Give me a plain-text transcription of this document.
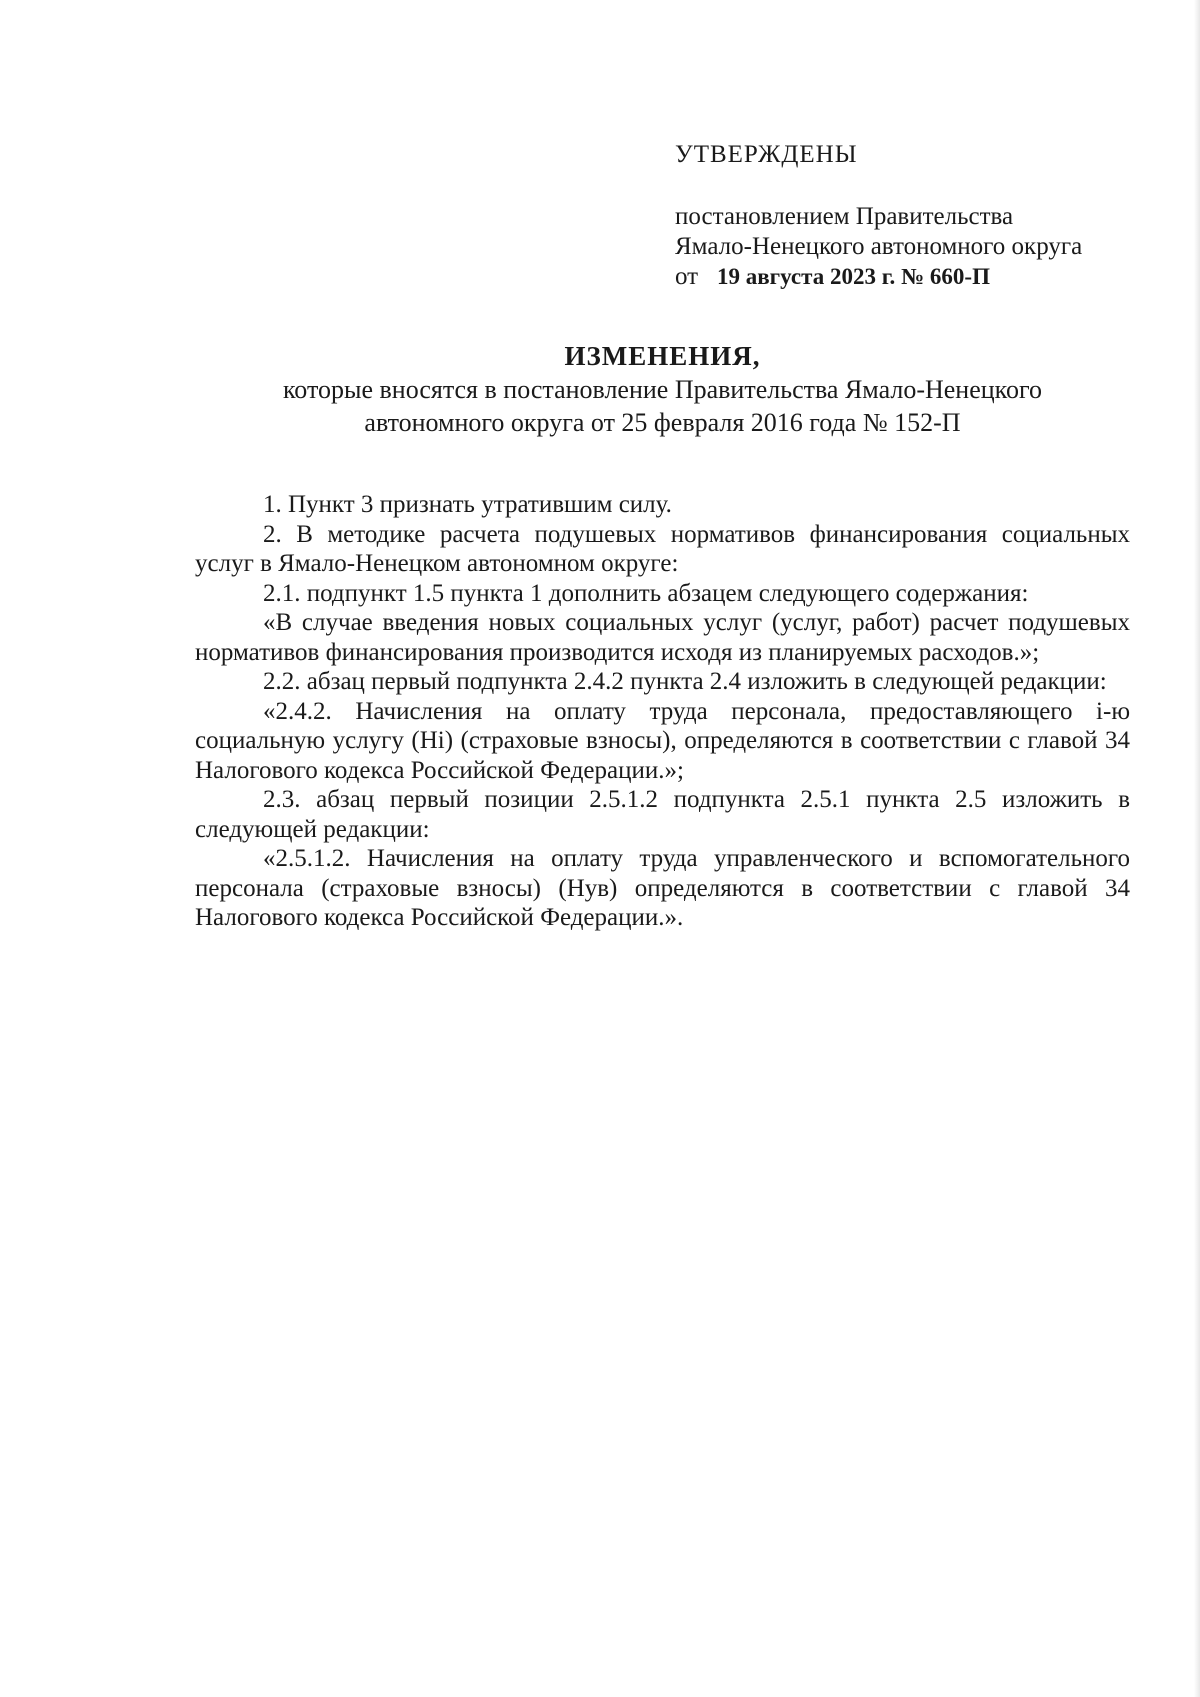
УТВЕРЖДЕНЫ
постановлением Правительства
Ямало-Ненецкого автономного округа
от 19 августа 2023 г. № 660-П
ИЗМЕНЕНИЯ,
которые вносятся в постановление Правительства Ямало-Ненецкого
автономного округа от 25 февраля 2016 года № 152-П

1. Пункт 3 признать утратившим силу.

2. В методике расчета подушевых нормативов финансирования социальных услуг в Ямало-Ненецком автономном округе:

2.1. подпункт 1.5 пункта 1 дополнить абзацем следующего содержания:

«В случае введения новых социальных услуг (услуг, работ) расчет подушевых нормативов финансирования производится исходя из планируемых расходов.»;

2.2. абзац первый подпункта 2.4.2 пункта 2.4 изложить в следующей редакции:

«2.4.2. Начисления на оплату труда персонала, предоставляющего i-ю социальную услугу (Нi) (страховые взносы), определяются в соответствии с главой 34 Налогового кодекса Российской Федерации.»;

2.3. абзац первый позиции 2.5.1.2 подпункта 2.5.1 пункта 2.5 изложить в следующей редакции:

«2.5.1.2. Начисления на оплату труда управленческого и вспомогательного персонала (страховые взносы) (Нув) определяются в соответствии с главой 34 Налогового кодекса Российской Федерации.».
